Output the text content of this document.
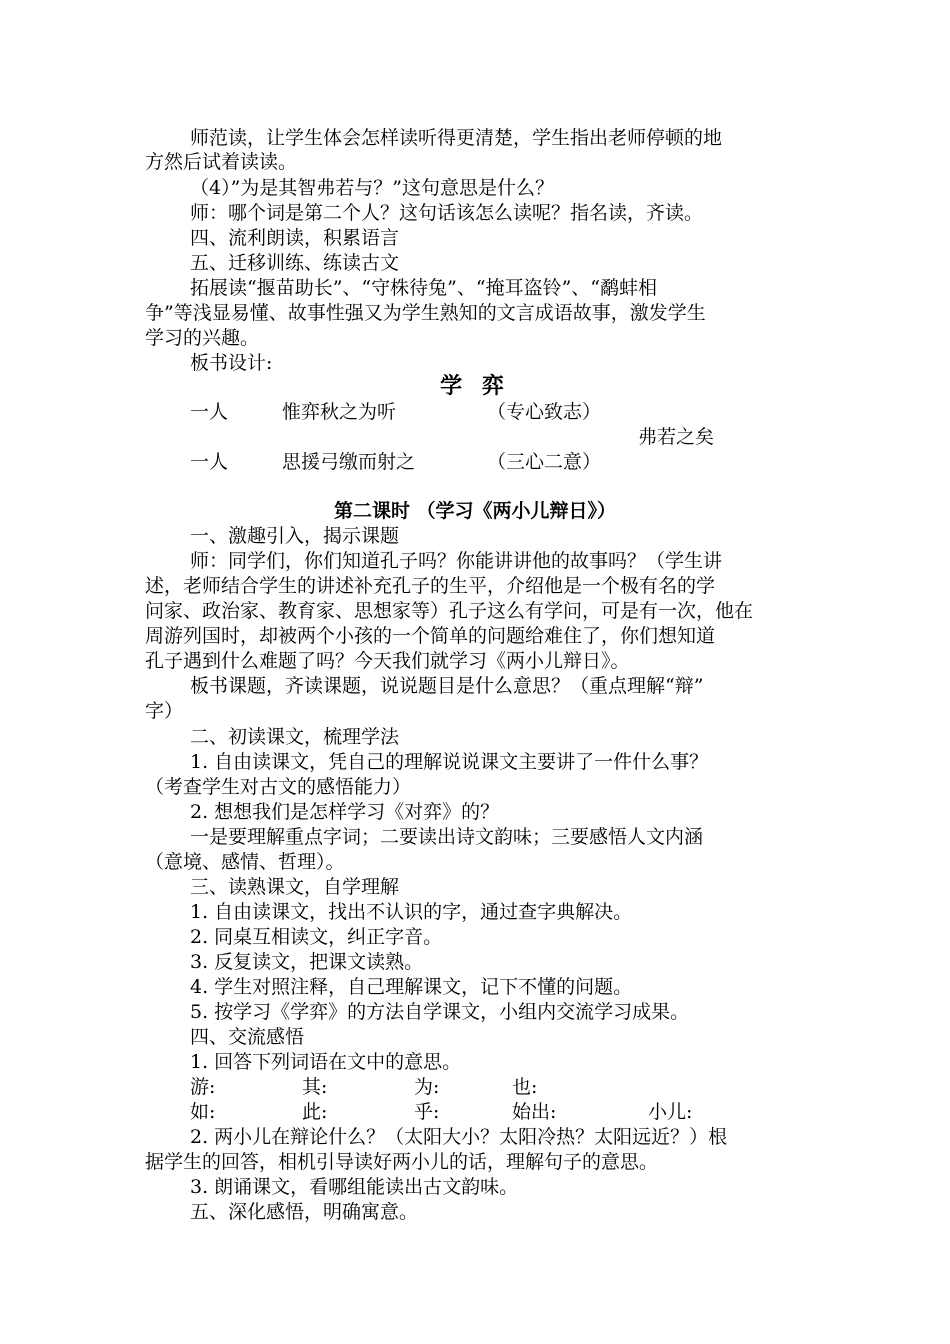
师范读，让学生体会怎样读听得更清楚，学生指出老师停顿的地
方然后试着读读。
（4）”为是其智弗若与？”这句意思是什么？
师：哪个词是第二个人？这句话该怎么读呢？指名读，齐读。
四、流利朗读，积累语言
五、迁移训练、练读古文
拓展读“揠苗助长”、“守株待兔”、“掩耳盗铃”、“鹬蚌相
争”等浅显易懂、故事性强又为学生熟知的文言成语故事，激发学生
学习的兴趣。
板书设计:
学 弈
一人	惟弈秋之为听	（专心致志）
弗若之矣
一人	思援弓缴而射之	（三心二意）
第二课时 （学习《两小儿辩日》）
一、激趣引入，揭示课题
师：同学们，你们知道孔子吗？你能讲讲他的故事吗？（学生讲
述，老师结合学生的讲述补充孔子的生平，介绍他是一个极有名的学
问家、政治家、教育家、思想家等）孔子这么有学问，可是有一次，他在
周游列国时，却被两个小孩的一个简单的问题给难住了，你们想知道
孔子遇到什么难题了吗？今天我们就学习《两小儿辩日》。
板书课题，齐读课题，说说题目是什么意思？（重点理解“辩”
字）
二、初读课文，梳理学法
1. 自由读课文，凭自己的理解说说课文主要讲了一件什么事？
（考查学生对古文的感悟能力）
2. 想想我们是怎样学习《对弈》的？
一是要理解重点字词；二要读出诗文韵味；三要感悟人文内涵
（意境、感情、哲理）。
三、读熟课文，自学理解
1. 自由读课文，找出不认识的字，通过查字典解决。
2. 同桌互相读文，纠正字音。
3. 反复读文，把课文读熟。
4. 学生对照注释，自己理解课文，记下不懂的问题。
5. 按学习《学弈》的方法自学课文，小组内交流学习成果。
四、交流感悟
1. 回答下列词语在文中的意思。
游:	其:	为:	也:
如:	此:	乎:	始出:	小儿:
2. 两小儿在辩论什么？（太阳大小？太阳冷热？太阳远近？）根
据学生的回答，相机引导读好两小儿的话，理解句子的意思。
3. 朗诵课文，看哪组能读出古文韵味。
五、深化感悟，明确寓意。
